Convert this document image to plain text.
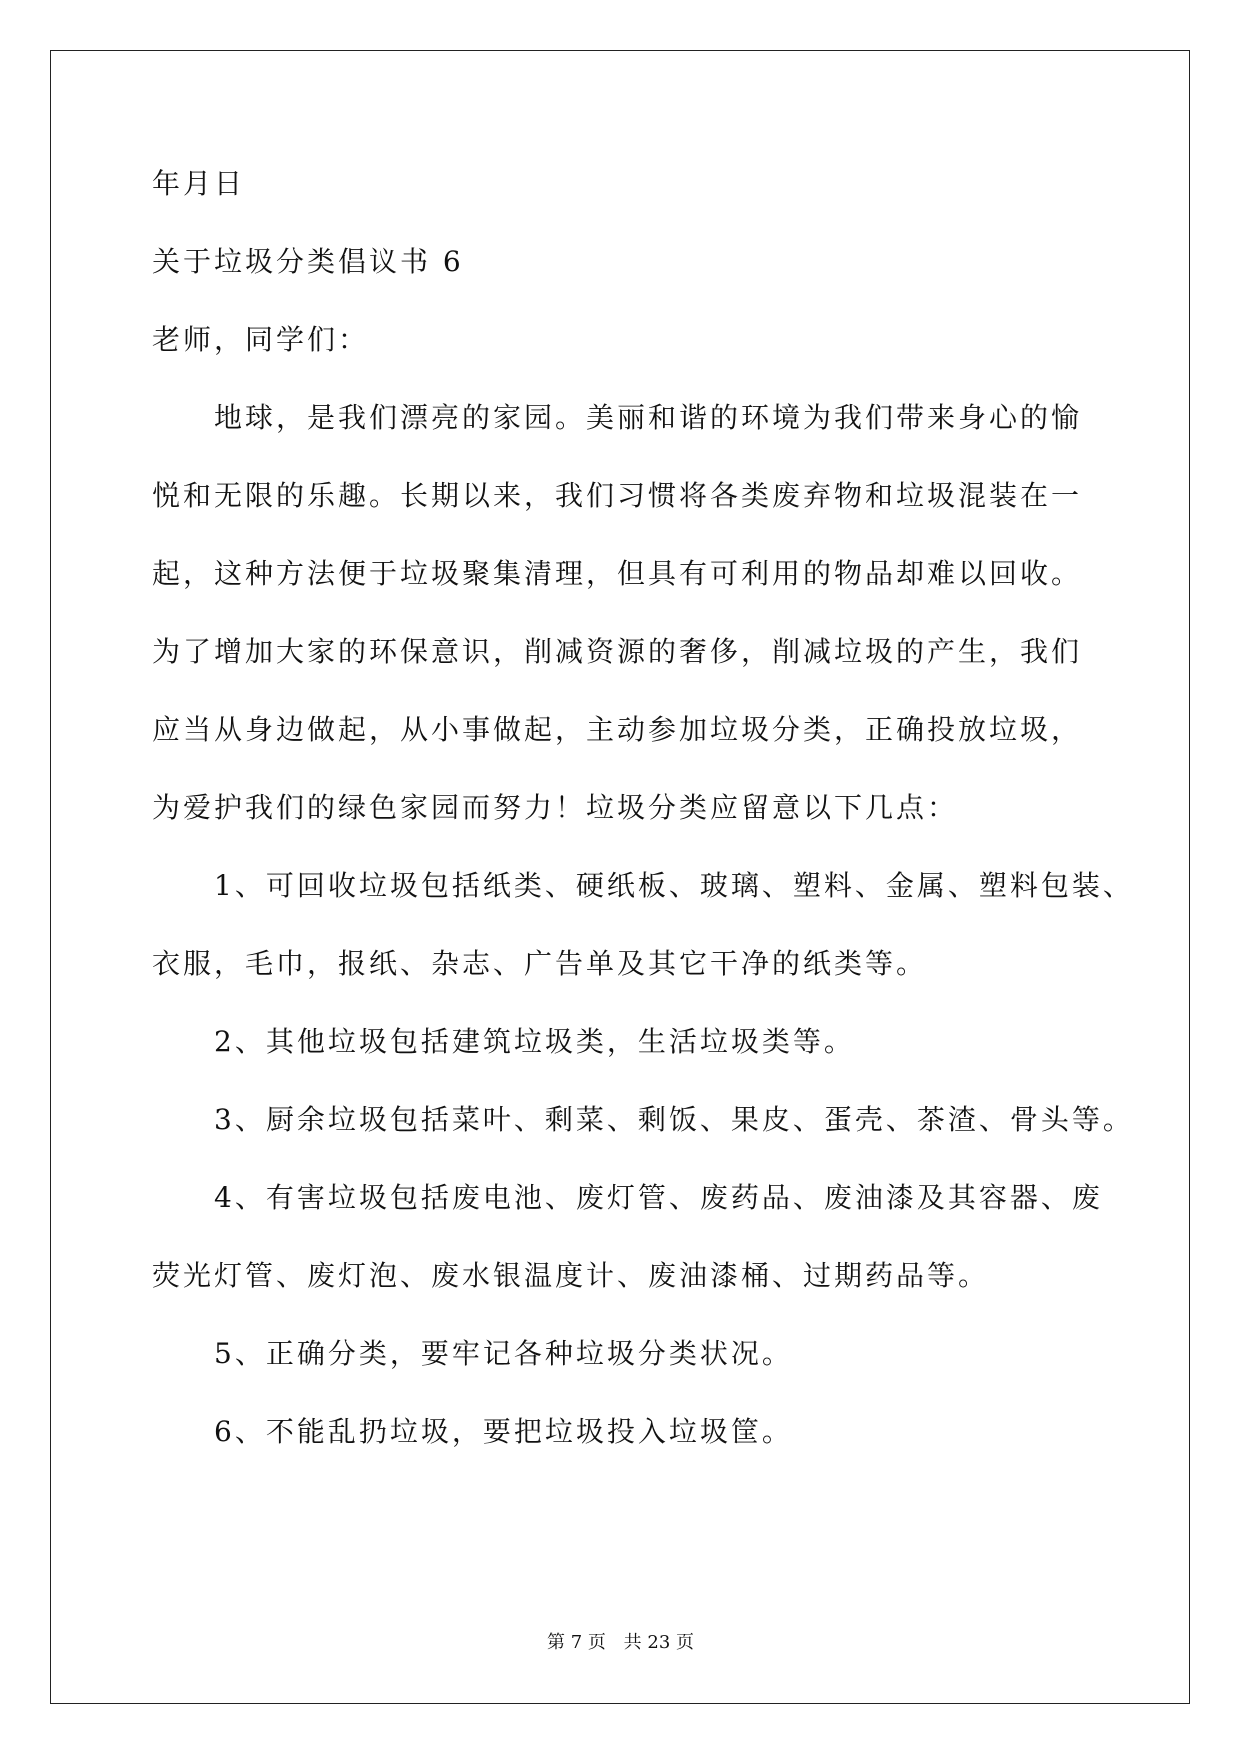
年月日
关于垃圾分类倡议书 6
老师，同学们：
地球，是我们漂亮的家园。美丽和谐的环境为我们带来身心的愉
悦和无限的乐趣。长期以来，我们习惯将各类废弃物和垃圾混装在一
起，这种方法便于垃圾聚集清理，但具有可利用的物品却难以回收。
为了增加大家的环保意识，削减资源的奢侈，削减垃圾的产生，我们
应当从身边做起，从小事做起，主动参加垃圾分类，正确投放垃圾，
为爱护我们的绿色家园而努力！垃圾分类应留意以下几点：
1、可回收垃圾包括纸类、硬纸板、玻璃、塑料、金属、塑料包装、
衣服，毛巾，报纸、杂志、广告单及其它干净的纸类等。
2、其他垃圾包括建筑垃圾类，生活垃圾类等。
3、厨余垃圾包括菜叶、剩菜、剩饭、果皮、蛋壳、茶渣、骨头等。
4、有害垃圾包括废电池、废灯管、废药品、废油漆及其容器、废
荧光灯管、废灯泡、废水银温度计、废油漆桶、过期药品等。
5、正确分类，要牢记各种垃圾分类状况。
6、不能乱扔垃圾，要把垃圾投入垃圾筐。
第 7 页 共 23 页
